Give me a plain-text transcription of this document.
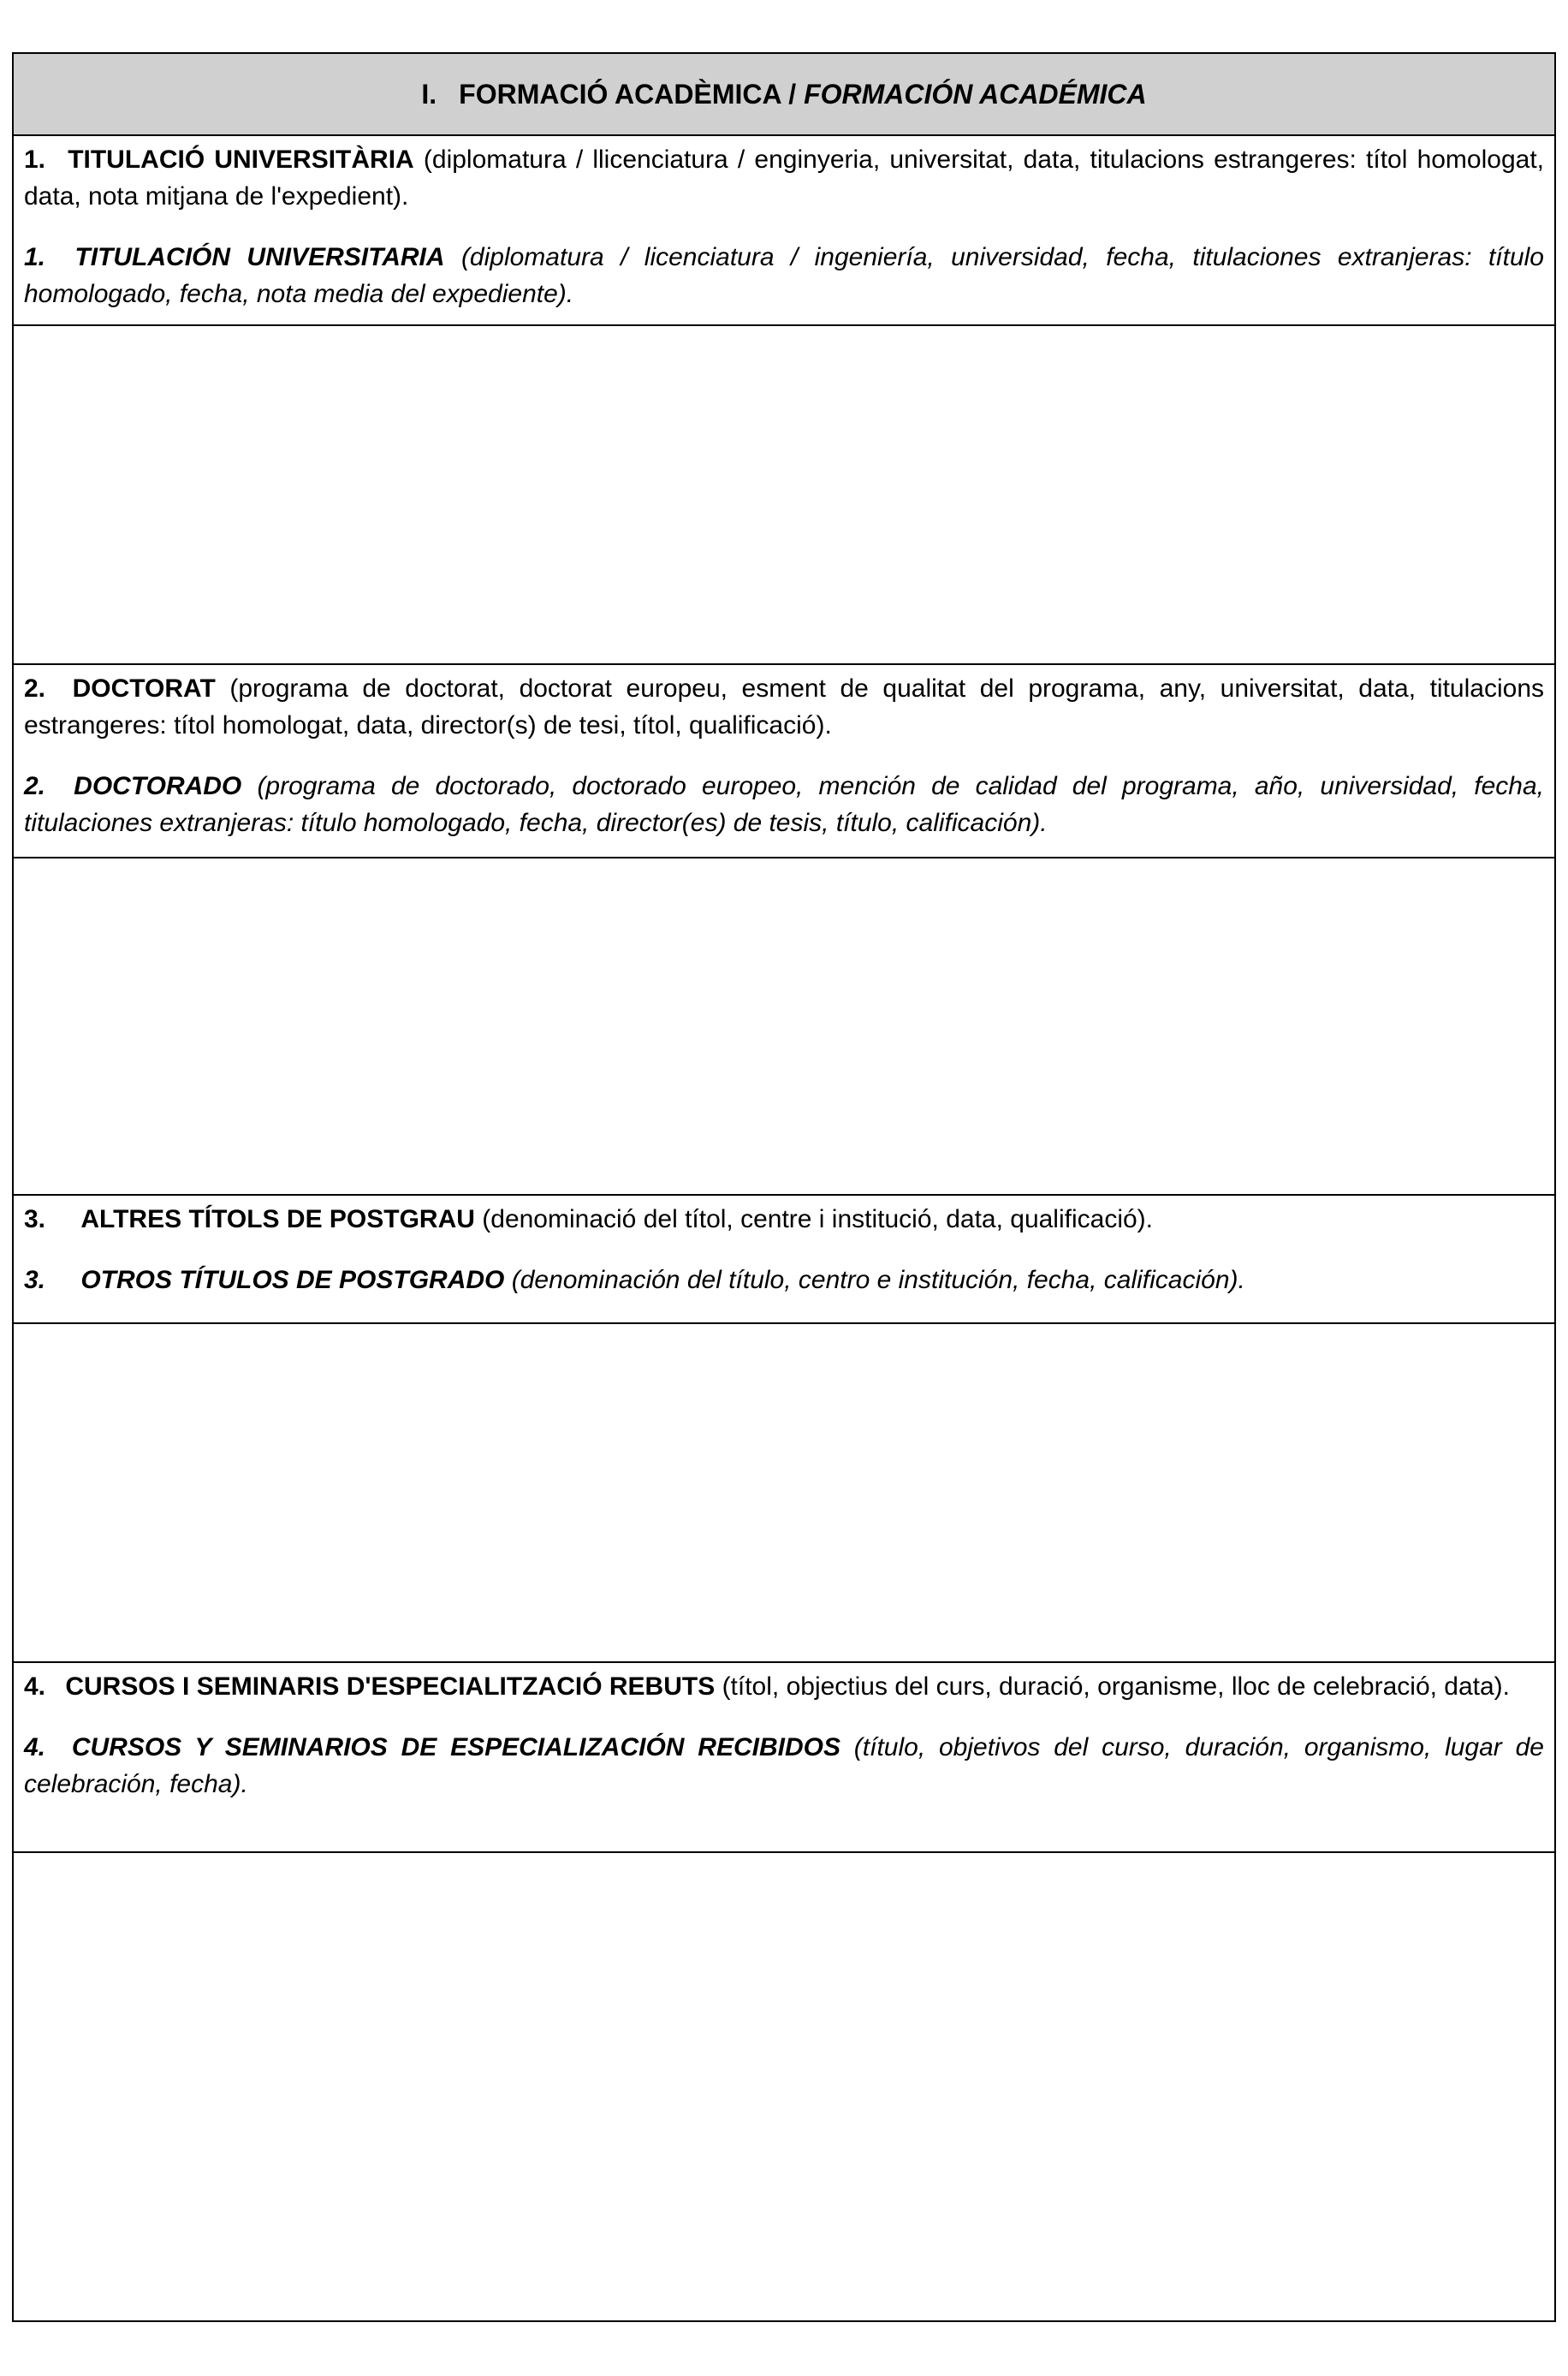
I. FORMACIÓ ACADÈMICA /
FORMACIÓN ACADÉMICA

1. TITULACIÓ UNIVERSITÀRIA (diplomatura / llicenciatura / enginyeria, universitat, data, titulacions estrangeres: títol homologat, data, nota mitjana de l'expedient).

1. TITULACIÓN UNIVERSITARIA (diplomatura / licenciatura / ingeniería, universidad, fecha, titulaciones extranjeras: título homologado, fecha, nota media del expediente).

2. DOCTORAT (programa de doctorat, doctorat europeu, esment de qualitat del programa, any, universitat, data, titulacions estrangeres: títol homologat, data, director(s) de tesi, títol, qualificació).

2. DOCTORADO (programa de doctorado, doctorado europeo, mención de calidad del programa, año, universidad, fecha, titulaciones extranjeras: título homologado, fecha, director(es) de tesis, título, calificación).

3. ALTRES TÍTOLS DE POSTGRAU (denominació del títol, centre i institució, data, qualificació).

3. OTROS TÍTULOS DE POSTGRADO (denominación del título, centro e institución, fecha, calificación).

4. CURSOS I SEMINARIS D'ESPECIALITZACIÓ REBUTS (títol, objectius del curs, duració, organisme, lloc de celebració, data).

4. CURSOS Y SEMINARIOS DE ESPECIALIZACIÓN RECIBIDOS (título, objetivos del curso, duración, organismo, lugar de celebración, fecha).
